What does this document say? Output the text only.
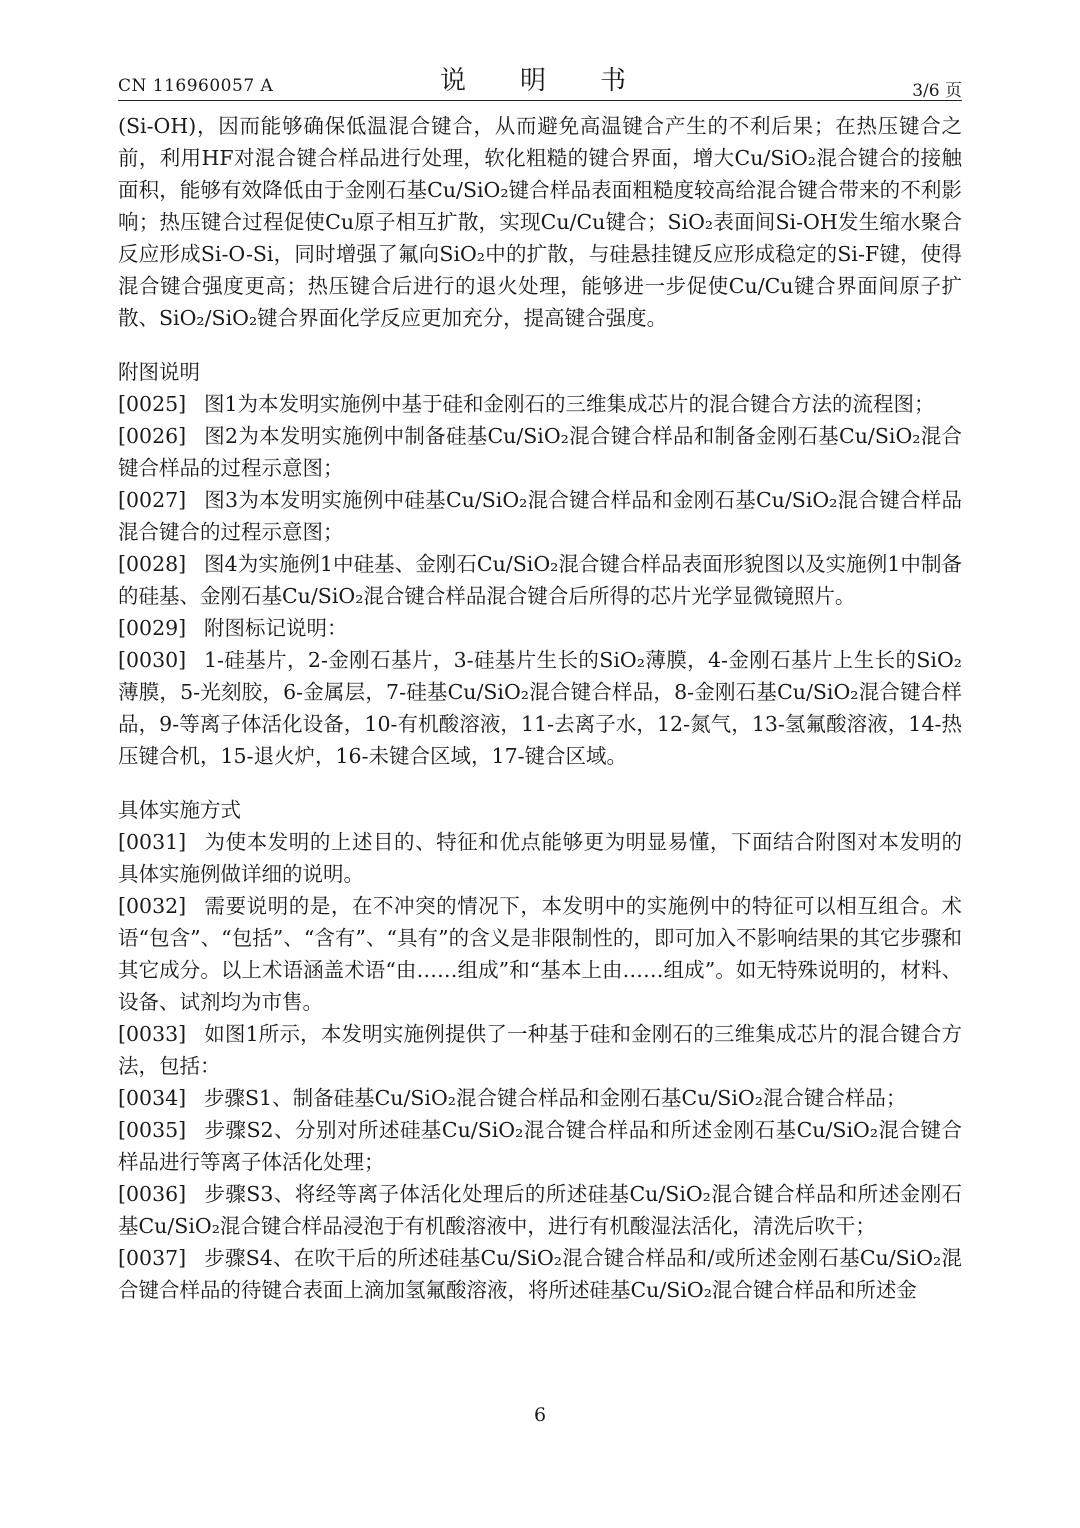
CN 116960057 A	说　明　书	3/6 页

(Si-OH)，因而能够确保低温混合键合，从而避免高温键合产生的不利后果；在热压键合之前，利用HF对混合键合样品进行处理，软化粗糙的键合界面，增大Cu/SiO₂混合键合的接触面积，能够有效降低由于金刚石基Cu/SiO₂键合样品表面粗糙度较高给混合键合带来的不利影响；热压键合过程促使Cu原子相互扩散，实现Cu/Cu键合；SiO₂表面间Si-OH发生缩水聚合反应形成Si-O-Si，同时增强了氟向SiO₂中的扩散，与硅悬挂键反应形成稳定的Si-F键，使得混合键合强度更高；热压键合后进行的退火处理，能够进一步促使Cu/Cu键合界面间原子扩散、SiO₂/SiO₂键合界面化学反应更加充分，提高键合强度。

附图说明

[0025] 图1为本发明实施例中基于硅和金刚石的三维集成芯片的混合键合方法的流程图；

[0026] 图2为本发明实施例中制备硅基Cu/SiO₂混合键合样品和制备金刚石基Cu/SiO₂混合键合样品的过程示意图；

[0027] 图3为本发明实施例中硅基Cu/SiO₂混合键合样品和金刚石基Cu/SiO₂混合键合样品混合键合的过程示意图；

[0028] 图4为实施例1中硅基、金刚石Cu/SiO₂混合键合样品表面形貌图以及实施例1中制备的硅基、金刚石基Cu/SiO₂混合键合样品混合键合后所得的芯片光学显微镜照片。

[0029] 附图标记说明：

[0030] 1-硅基片，2-金刚石基片，3-硅基片生长的SiO₂薄膜，4-金刚石基片上生长的SiO₂薄膜，5-光刻胶，6-金属层，7-硅基Cu/SiO₂混合键合样品，8-金刚石基Cu/SiO₂混合键合样品，9-等离子体活化设备，10-有机酸溶液，11-去离子水，12-氮气，13-氢氟酸溶液，14-热压键合机，15-退火炉，16-未键合区域，17-键合区域。

具体实施方式

[0031] 为使本发明的上述目的、特征和优点能够更为明显易懂，下面结合附图对本发明的具体实施例做详细的说明。

[0032] 需要说明的是，在不冲突的情况下，本发明中的实施例中的特征可以相互组合。术语“包含”、“包括”、“含有”、“具有”的含义是非限制性的，即可加入不影响结果的其它步骤和其它成分。以上术语涵盖术语“由……组成”和“基本上由……组成”。如无特殊说明的，材料、设备、试剂均为市售。

[0033] 如图1所示，本发明实施例提供了一种基于硅和金刚石的三维集成芯片的混合键合方法，包括：

[0034] 步骤S1、制备硅基Cu/SiO₂混合键合样品和金刚石基Cu/SiO₂混合键合样品；

[0035] 步骤S2、分别对所述硅基Cu/SiO₂混合键合样品和所述金刚石基Cu/SiO₂混合键合样品进行等离子体活化处理；

[0036] 步骤S3、将经等离子体活化处理后的所述硅基Cu/SiO₂混合键合样品和所述金刚石基Cu/SiO₂混合键合样品浸泡于有机酸溶液中，进行有机酸湿法活化，清洗后吹干；

[0037] 步骤S4、在吹干后的所述硅基Cu/SiO₂混合键合样品和/或所述金刚石基Cu/SiO₂混合键合样品的待键合表面上滴加氢氟酸溶液，将所述硅基Cu/SiO₂混合键合样品和所述金

6
